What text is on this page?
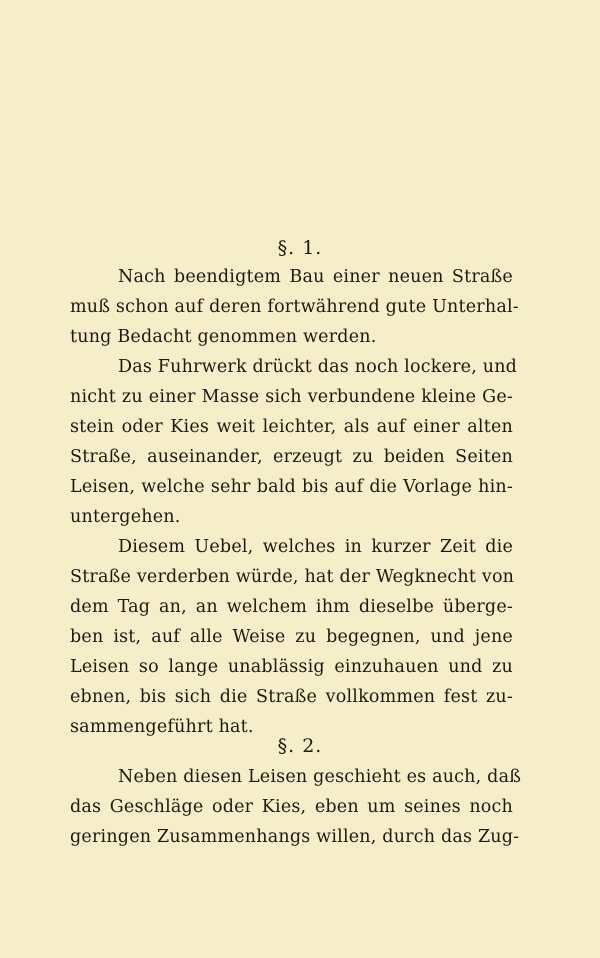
§. 1.
Nach beendigtem Bau einer neuen Straße
muß schon auf deren fortwährend gute Unterhal-
tung Bedacht genommen werden.
Das Fuhrwerk drückt das noch lockere, und
nicht zu einer Masse sich verbundene kleine Ge-
stein oder Kies weit leichter, als auf einer alten
Straße, auseinander, erzeugt zu beiden Seiten
Leisen, welche sehr bald bis auf die Vorlage hin-
untergehen.
Diesem Uebel, welches in kurzer Zeit die
Straße verderben würde, hat der Wegknecht von
dem Tag an, an welchem ihm dieselbe überge-
ben ist, auf alle Weise zu begegnen, und jene
Leisen so lange unablässig einzuhauen und zu
ebnen, bis sich die Straße vollkommen fest zu-
sammengeführt hat.
§. 2.
Neben diesen Leisen geschieht es auch, daß
das Geschläge oder Kies, eben um seines noch
geringen Zusammenhangs willen, durch das Zug-
